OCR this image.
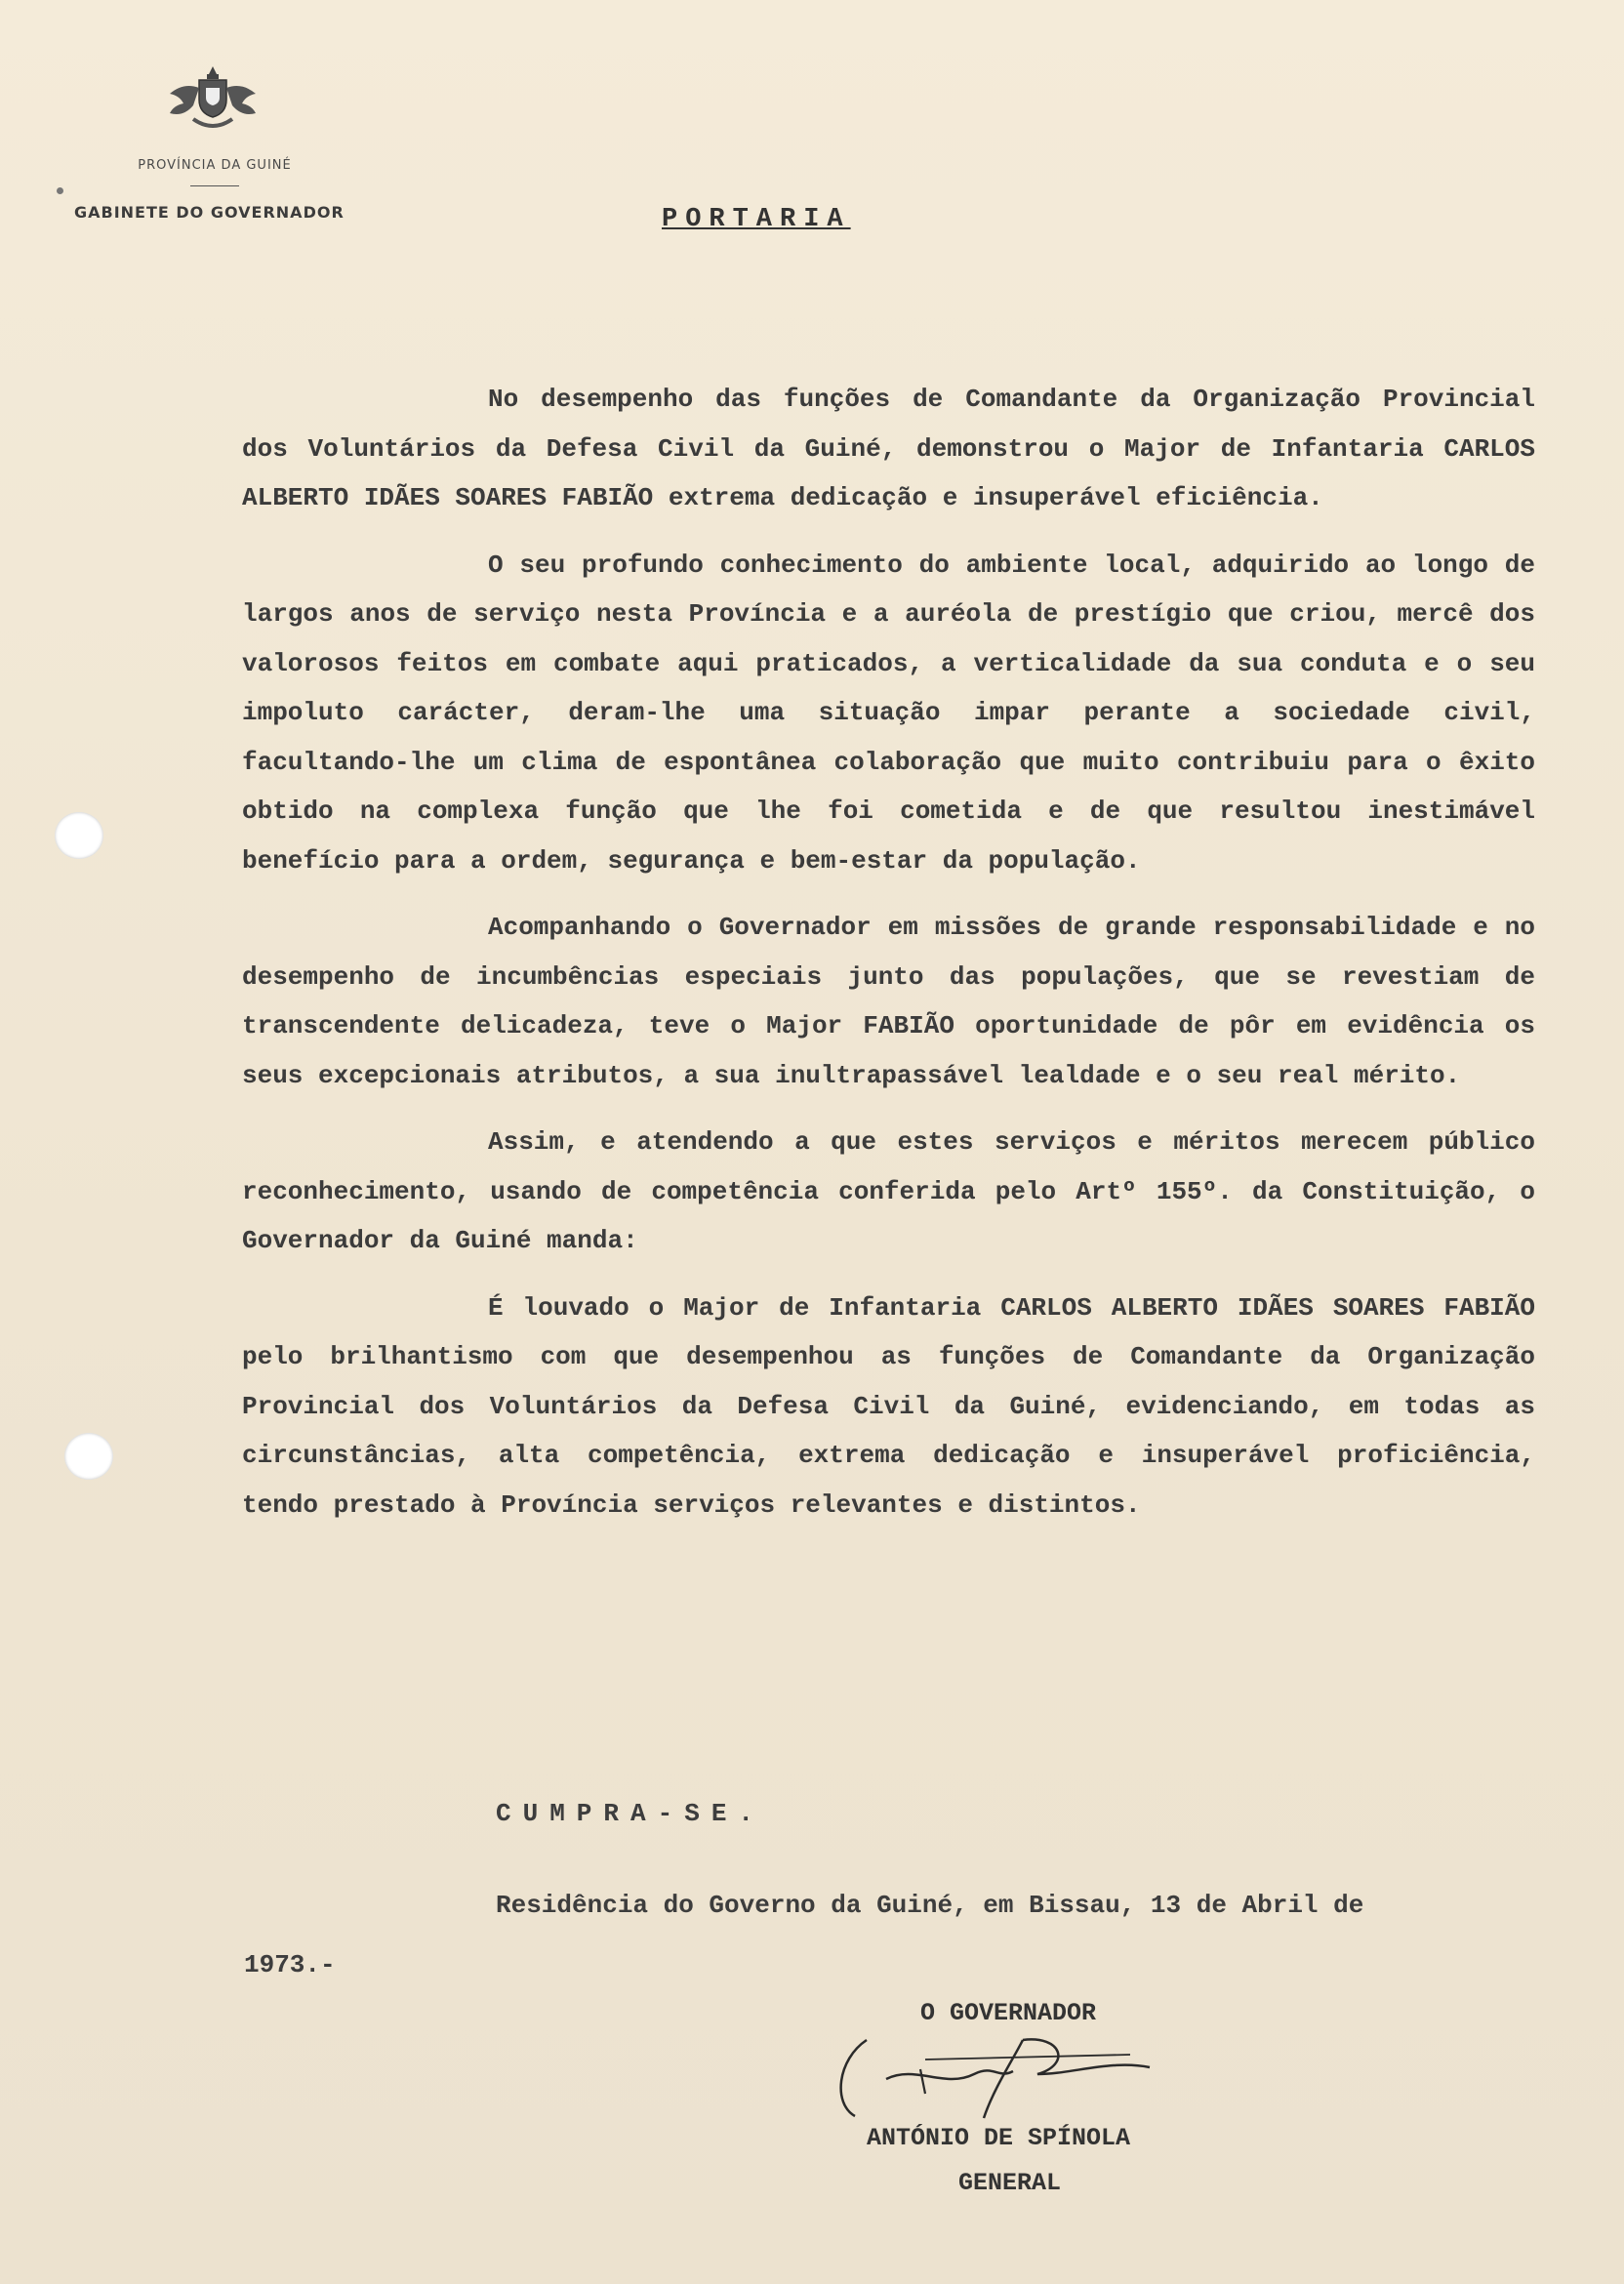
PROVÍNCIA DA GUINÉ
GABINETE DO GOVERNADOR	PORTARIA

No desempenho das funções de Comandante da Organização Provincial dos Voluntários da Defesa Civil da Guiné, demonstrou o Major de Infantaria CARLOS ALBERTO IDÃES SOARES FABIÃO extrema dedicação e insuperável eficiência.

O seu profundo conhecimento do ambiente local, adquirido ao longo de largos anos de serviço nesta Província e a auréola de prestígio que criou, mercê dos valorosos feitos em combate aqui praticados, a verticalidade da sua conduta e o seu impoluto carácter, deram-lhe uma situação impar perante a sociedade civil, facultando-lhe um clima de espontânea colaboração que muito contribuiu para o êxito obtido na complexa função que lhe foi cometida e de que resultou inestimável benefício para a ordem, segurança e bem-estar da população.

Acompanhando o Governador em missões de grande responsabilidade e no desempenho de incumbências especiais junto das populações, que se revestiam de transcendente delicadeza, teve o Major FABIÃO oportunidade de pôr em evidência os seus excepcionais atributos, a sua inultrapassável lealdade e o seu real mérito.

Assim, e atendendo a que estes serviços e méritos merecem público reconhecimento, usando de competência conferida pelo Artº 155º. da Constituição, o Governador da Guiné manda:

É louvado o Major de Infantaria CARLOS ALBERTO IDÃES SOARES FABIÃO pelo brilhantismo com que desempenhou as funções de Comandante da Organização Provincial dos Voluntários da Defesa Civil da Guiné, evidenciando, em todas as circunstâncias, alta competência, extrema dedicação e insuperável proficiência, tendo prestado à Província serviços relevantes e distintos.

CUMPRA-SE.
Residência do Governo da Guiné, em Bissau, 13 de Abril de
1973.-
O GOVERNADOR
ANTÓNIO DE SPÍNOLA
GENERAL
